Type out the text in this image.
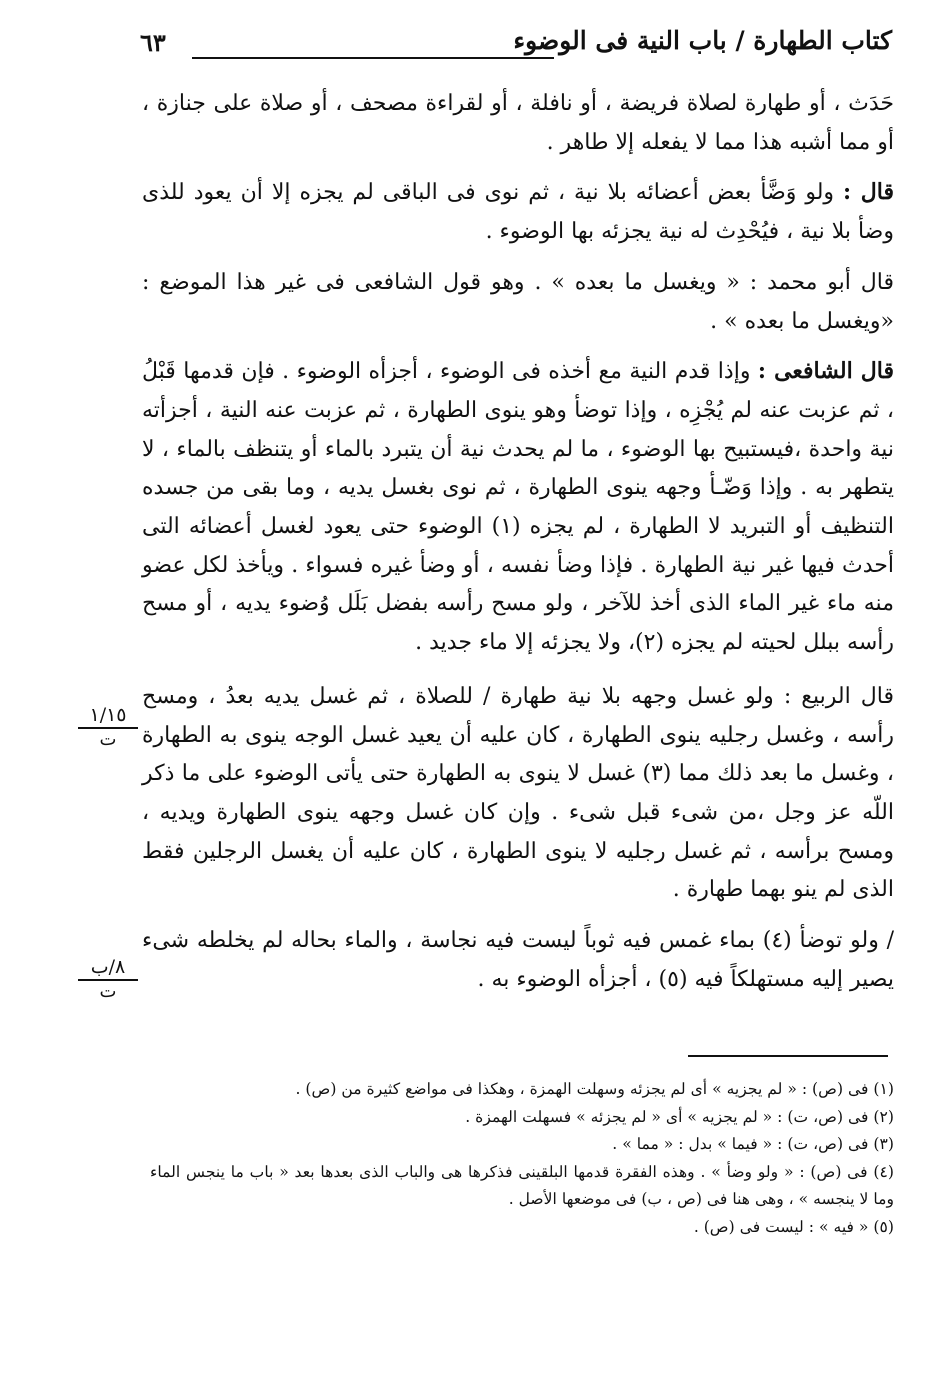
كتاب الطهارة / باب النية فى الوضوء
٦٣

حَدَث ، أو طهارة لصلاة فريضة ، أو نافلة ، أو لقراءة مصحف ، أو صلاة على جنازة ، أو مما أشبه هذا مما لا يفعله إلا طاهر .

قال : ولو وَضَّأ بعض أعضائه بلا نية ، ثم نوى فى الباقى لم يجزه إلا أن يعود للذى وضأ بلا نية ، فيُحْدِث له نية يجزئه بها الوضوء .

قال أبو محمد : « ويغسل ما بعده » . وهو قول الشافعى فى غير هذا الموضع : «ويغسل ما بعده » .

قال الشافعى : وإذا قدم النية مع أخذه فى الوضوء ، أجزأه الوضوء . فإن قدمها قَبْلُ ، ثم عزبت عنه لم يُجْزِه ، وإذا توضأ وهو ينوى الطهارة ، ثم عزبت عنه النية ، أجزأته نية واحدة ،فيستبيح بها الوضوء ، ما لم يحدث نية أن يتبرد بالماء أو يتنظف بالماء ، لا يتطهر به . وإذا وَضّـأ وجهه ينوى الطهارة ، ثم نوى بغسل يديه ، وما بقى من جسده التنظيف أو التبريد لا الطهارة ، لم يجزه (١) الوضوء حتى يعود لغسل أعضائه التى أحدث فيها غير نية الطهارة . فإذا وضأ نفسه ، أو وضأ غيره فسواء . ويأخذ لكل عضو منه ماء غير الماء الذى أخذ للآخر ، ولو مسح رأسه بفضل بَلَل وُضوء يديه ، أو مسح رأسه ببلل لحيته لم يجزه (٢)، ولا يجزئه إلا ماء جديد .

قال الربيع : ولو غسل وجهه بلا نية طهارة / للصلاة ، ثم غسل يديه بعدُ ، ومسح رأسه ، وغسل رجليه ينوى الطهارة ، كان عليه أن يعيد غسل الوجه ينوى به الطهارة ، وغسل ما بعد ذلك مما (٣) غسل لا ينوى به الطهارة حتى يأتى الوضوء على ما ذكر اللّه عز وجل ،من شىء قبل شىء . وإن كان غسل وجهه ينوى الطهارة ويديه ، ومسح برأسه ، ثم غسل رجليه لا ينوى الطهارة ، كان عليه أن يغسل الرجلين فقط الذى لم ينو بهما طهارة .

/ ولو توضأ (٤) بماء غمس فيه ثوباً ليست فيه نجاسة ، والماء بحاله لم يخلطه شىء يصير إليه مستهلكاً فيه (٥) ، أجزأه الوضوء به .

١/١٥
ت
٨/ب
ت

(١) فى (ص) : « لم يجزيه » أى لم يجزئه وسهلت الهمزة ، وهكذا فى مواضع كثيرة من (ص) .

(٢) فى (ص، ت) : « لم يجزيه » أى « لم يجزئه » فسهلت الهمزة .

(٣) فى (ص، ت) : « فيما » بدل : « مما » .

(٤) فى (ص) : « ولو وضأ » . وهذه الفقرة قدمها البلقينى فذكرها هى والباب الذى بعدها بعد « باب ما ينجس الماء وما لا ينجسه » ، وهى هنا فى (ص ، ب) فى موضعها الأصل .

(٥) « فيه » : ليست فى (ص) .
